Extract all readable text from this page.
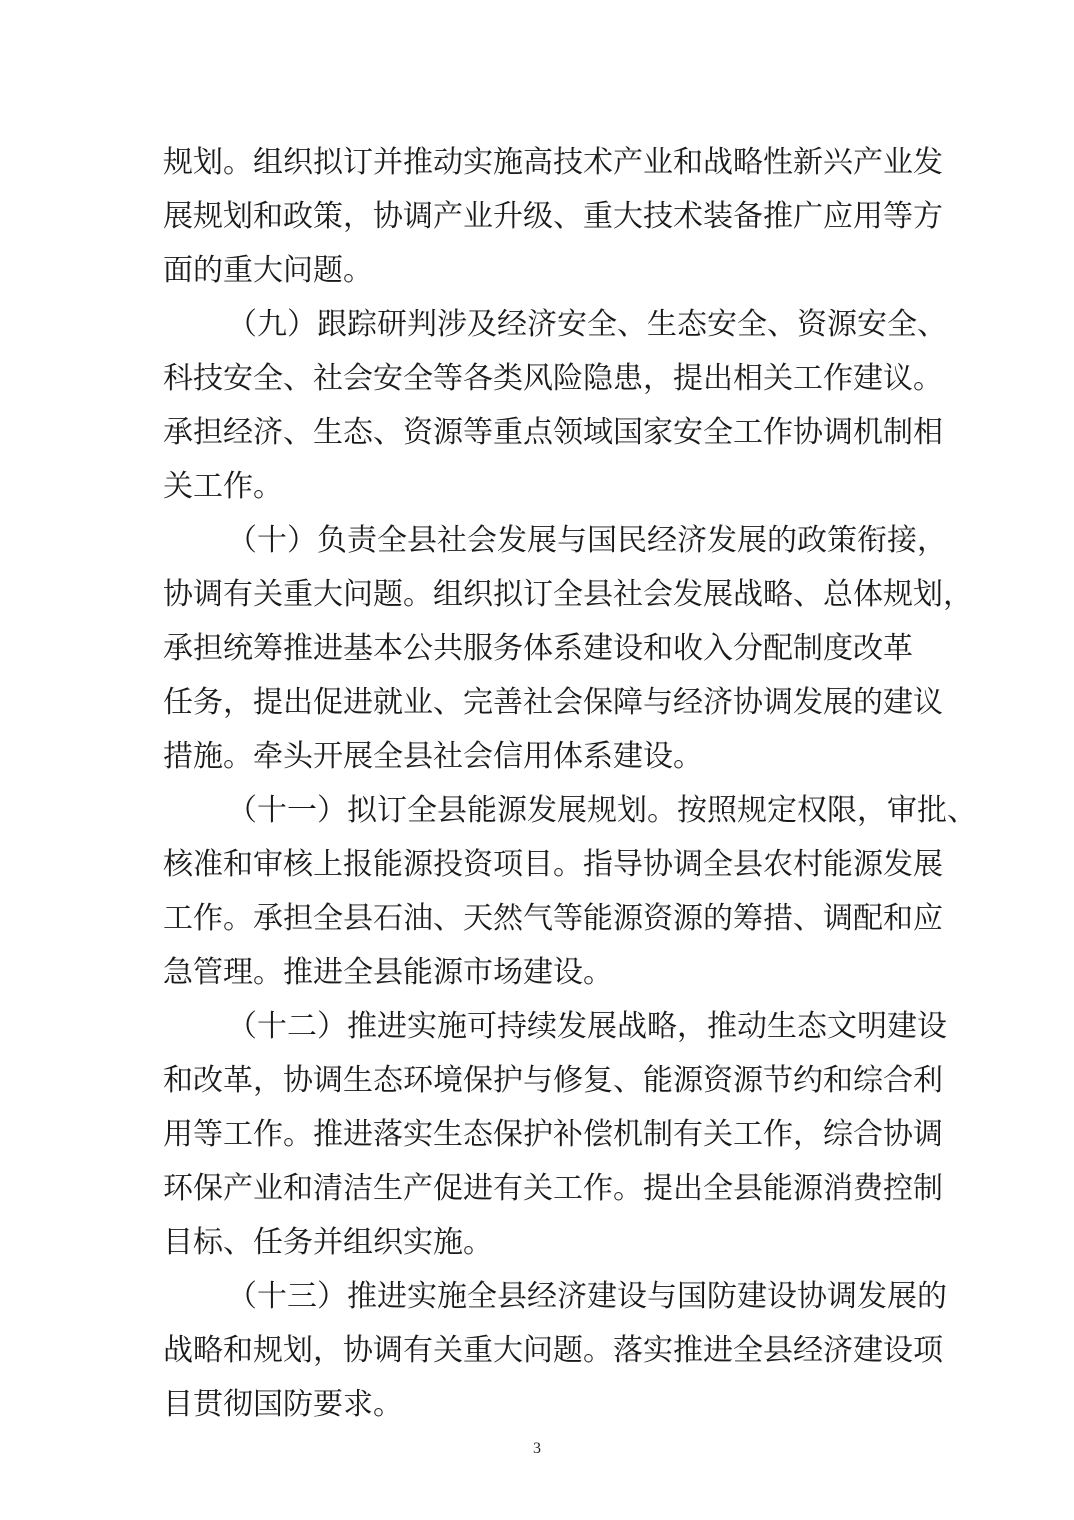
规划。组织拟订并推动实施高技术产业和战略性新兴产业发
展规划和政策，协调产业升级、重大技术装备推广应用等方
面的重大问题。
（九）跟踪研判涉及经济安全、生态安全、资源安全、
科技安全、社会安全等各类风险隐患，提出相关工作建议。
承担经济、生态、资源等重点领域国家安全工作协调机制相
关工作。
（十）负责全县社会发展与国民经济发展的政策衔接，
协调有关重大问题。组织拟订全县社会发展战略、总体规划，
承担统筹推进基本公共服务体系建设和收入分配制度改革
任务，提出促进就业、完善社会保障与经济协调发展的建议
措施。牵头开展全县社会信用体系建设。
（十一）拟订全县能源发展规划。按照规定权限，审批、
核准和审核上报能源投资项目。指导协调全县农村能源发展
工作。承担全县石油、天然气等能源资源的筹措、调配和应
急管理。推进全县能源市场建设。
（十二）推进实施可持续发展战略，推动生态文明建设
和改革，协调生态环境保护与修复、能源资源节约和综合利
用等工作。推进落实生态保护补偿机制有关工作，综合协调
环保产业和清洁生产促进有关工作。提出全县能源消费控制
目标、任务并组织实施。
（十三）推进实施全县经济建设与国防建设协调发展的
战略和规划，协调有关重大问题。落实推进全县经济建设项
目贯彻国防要求。
3
